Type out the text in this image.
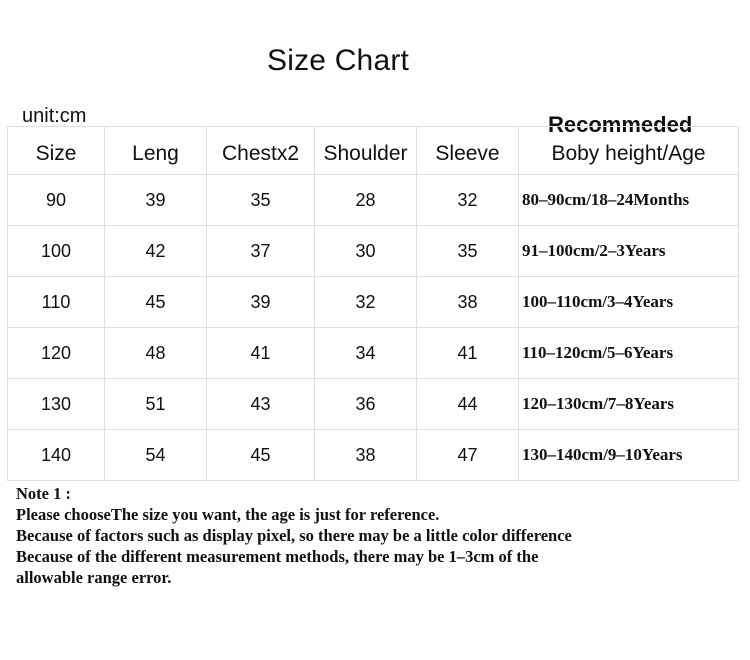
Size Chart
unit:cm	Recommeded
Size	Leng	Chestx2	Shoulder	Sleeve	Boby height/Age
90	39	35	28	32	80–90cm/18–24Months
100	42	37	30	35	91–100cm/2–3Years
110	45	39	32	38	100–110cm/3–4Years
120	48	41	34	41	110–120cm/5–6Years
130	51	43	36	44	120–130cm/7–8Years
140	54	45	38	47	130–140cm/9–10Years
Note 1 :
Please chooseThe size you want, the age is just for reference.
Because of factors such as display pixel, so there may be a little color difference
Because of the different measurement methods, there may be 1–3cm of the
allowable range error.
